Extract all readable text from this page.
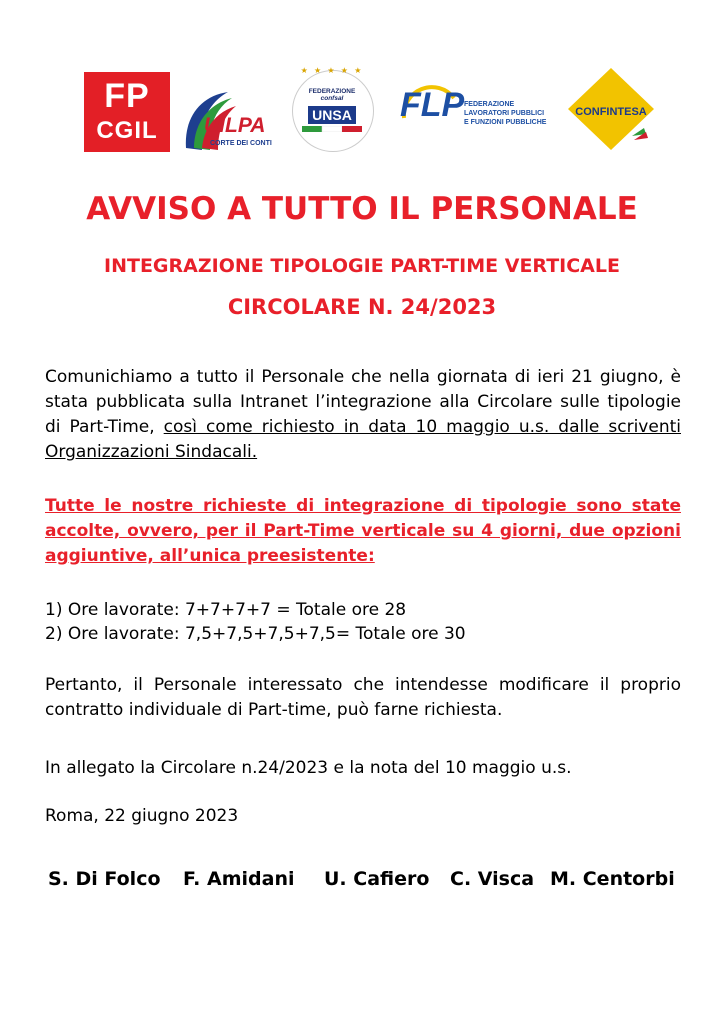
FP
CGIL	UILPA
CORTE DEI CONTI
★ ★ ★ ★ ★
FEDERAZIONE
confsal
UNSA FLP FEDERAZIONE
LAVORATORI PUBBLICI
E FUNZIONI PUBBLICHE
CONFINTESA
AVVISO A TUTTO IL PERSONALE
INTEGRAZIONE TIPOLOGIE PART-TIME VERTICALE
CIRCOLARE N. 24/2023
Comunichiamo a tutto il Personale che nella giornata di ieri 21 giugno, è stata pubblicata sulla Intranet l’integrazione alla Circolare sulle tipologie di Part-Time, così come richiesto in data 10 maggio u.s. dalle scriventi Organizzazioni Sindacali.
Tutte le nostre richieste di integrazione di tipologie sono state accolte, ovvero, per il Part-Time verticale su 4 giorni, due opzioni aggiuntive, all’unica preesistente:
1) Ore lavorate: 7+7+7+7 = Totale ore 28
2) Ore lavorate: 7,5+7,5+7,5+7,5= Totale ore 30
Pertanto, il Personale interessato che intendesse modificare il proprio contratto individuale di Part-time, può farne richiesta.
In allegato la Circolare n.24/2023 e la nota del 10 maggio u.s.
Roma, 22 giugno 2023
S. Di Folco F. Amidani U. Cafiero C. Visca M. Centorbi
